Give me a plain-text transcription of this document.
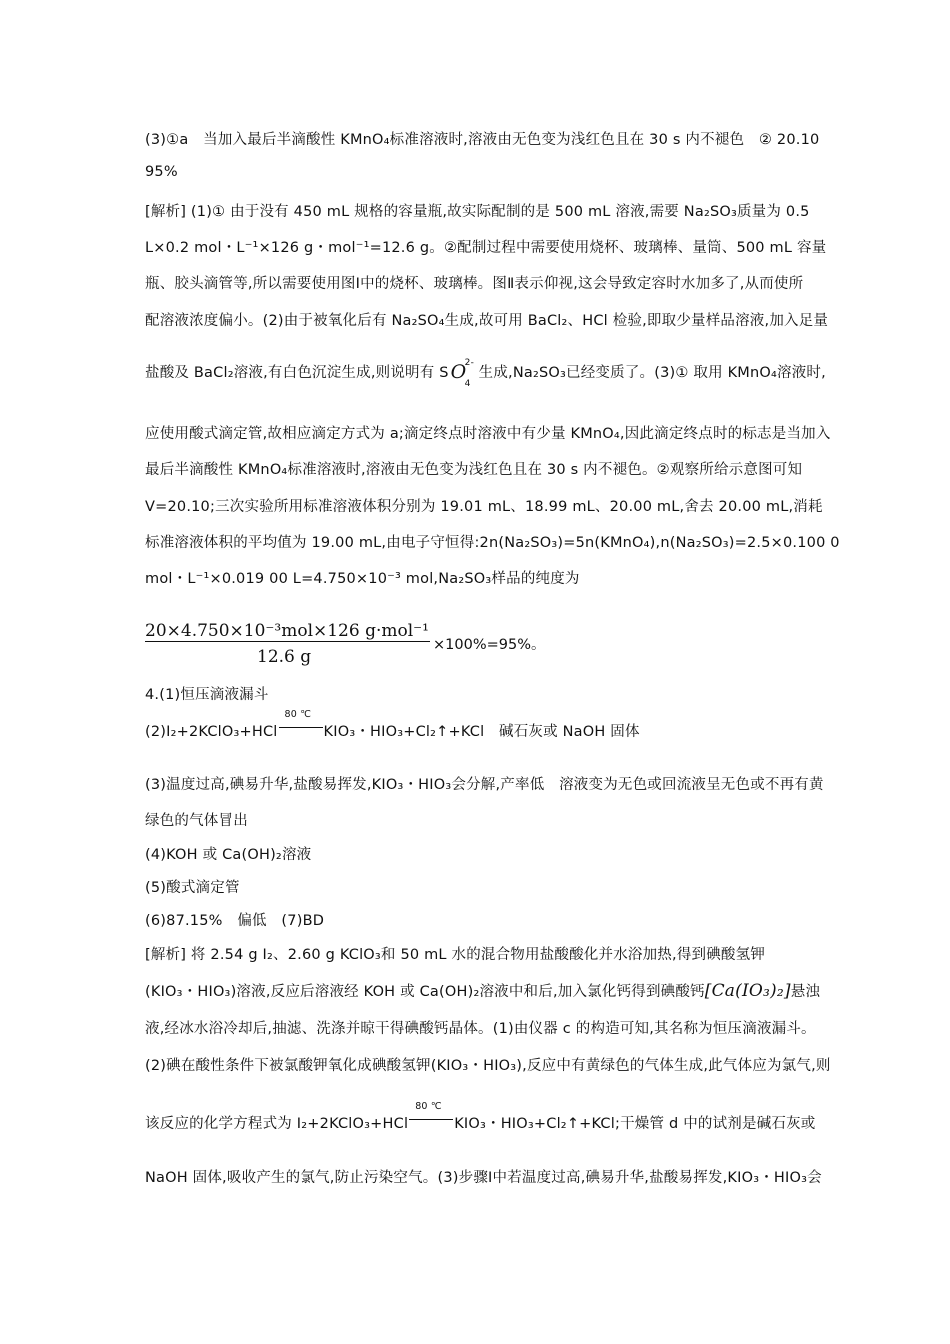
(3)①a　当加入最后半滴酸性 KMnO₄标准溶液时,溶液由无色变为浅红色且在 30 s 内不褪色　② 20.10
95%
[解析] (1)① 由于没有 450 mL 规格的容量瓶,故实际配制的是 500 mL 溶液,需要 Na₂SO₃质量为 0.5
L×0.2 mol・L⁻¹×126 g・mol⁻¹=12.6 g。②配制过程中需要使用烧杯、玻璃棒、量筒、500 mL 容量
瓶、胶头滴管等,所以需要使用图Ⅰ中的烧杯、玻璃棒。图Ⅱ表示仰视,这会导致定容时水加多了,从而使所
配溶液浓度偏小。(2)由于被氧化后有 Na₂SO₄生成,故可用 BaCl₂、HCl 检验,即取少量样品溶液,加入足量
盐酸及 BaCl₂溶液,有白色沉淀生成,则说明有 S O
2-
4
生成,Na₂SO₃已经变质了。(3)① 取用 KMnO₄溶液时,
应使用酸式滴定管,故相应滴定方式为 a;滴定终点时溶液中有少量 KMnO₄,因此滴定终点时的标志是当加入
最后半滴酸性 KMnO₄标准溶液时,溶液由无色变为浅红色且在 30 s 内不褪色。②观察所给示意图可知
V=20.10;三次实验所用标准溶液体积分别为 19.01 mL、18.99 mL、20.00 mL,舍去 20.00 mL,消耗
标准溶液体积的平均值为 19.00 mL,由电子守恒得:2n(Na₂SO₃)=5n(KMnO₄),n(Na₂SO₃)=2.5×0.100 0
mol・L⁻¹×0.019 00 L=4.750×10⁻³ mol,Na₂SO₃样品的纯度为
20×4.750×10⁻³mol×126 g·mol⁻¹
12.6 g
×100%=95%。
4.(1)恒压滴液漏斗
(2)I₂+2KClO₃+HCl
80 ℃
KIO₃・HIO₃+Cl₂↑+KCl　碱石灰或 NaOH 固体
(3)温度过高,碘易升华,盐酸易挥发,KIO₃・HIO₃会分解,产率低　溶液变为无色或回流液呈无色或不再有黄
绿色的气体冒出
(4)KOH 或 Ca(OH)₂溶液
(5)酸式滴定管
(6)87.15%　偏低　(7)BD
[解析] 将 2.54 g I₂、2.60 g KClO₃和 50 mL 水的混合物用盐酸酸化并水浴加热,得到碘酸氢钾
(KIO₃・HIO₃)溶液,反应后溶液经 KOH 或 Ca(OH)₂溶液中和后,加入氯化钙得到碘酸钙[Ca(IO₃)₂]悬浊
液,经冰水浴冷却后,抽滤、洗涤并晾干得碘酸钙晶体。(1)由仪器 c 的构造可知,其名称为恒压滴液漏斗。
(2)碘在酸性条件下被氯酸钾氧化成碘酸氢钾(KIO₃・HIO₃),反应中有黄绿色的气体生成,此气体应为氯气,则
该反应的化学方程式为 I₂+2KClO₃+HCl
80 ℃
KIO₃・HIO₃+Cl₂↑+KCl;干燥管 d 中的试剂是碱石灰或
NaOH 固体,吸收产生的氯气,防止污染空气。(3)步骤Ⅰ中若温度过高,碘易升华,盐酸易挥发,KIO₃・HIO₃会
